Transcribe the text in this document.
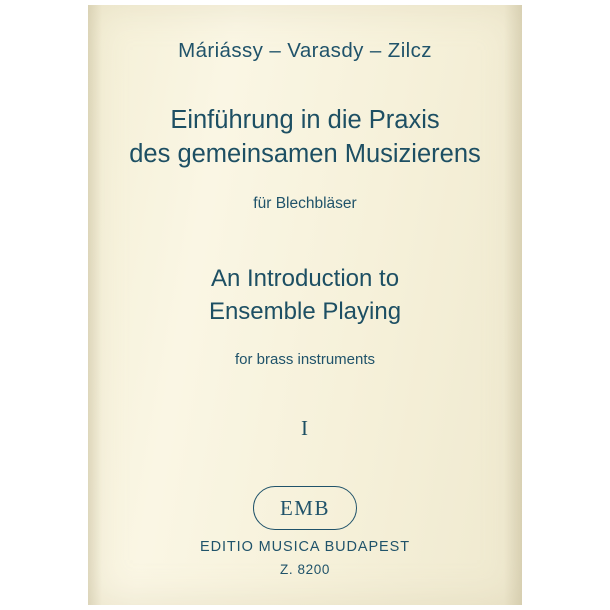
Máriássy – Varasdy – Zilcz
Einführung in die Praxis
des gemeinsamen Musizierens
für Blechbläser
An Introduction to
Ensemble Playing
for brass instruments
I
EMB
EDITIO MUSICA BUDAPEST
Z. 8200
